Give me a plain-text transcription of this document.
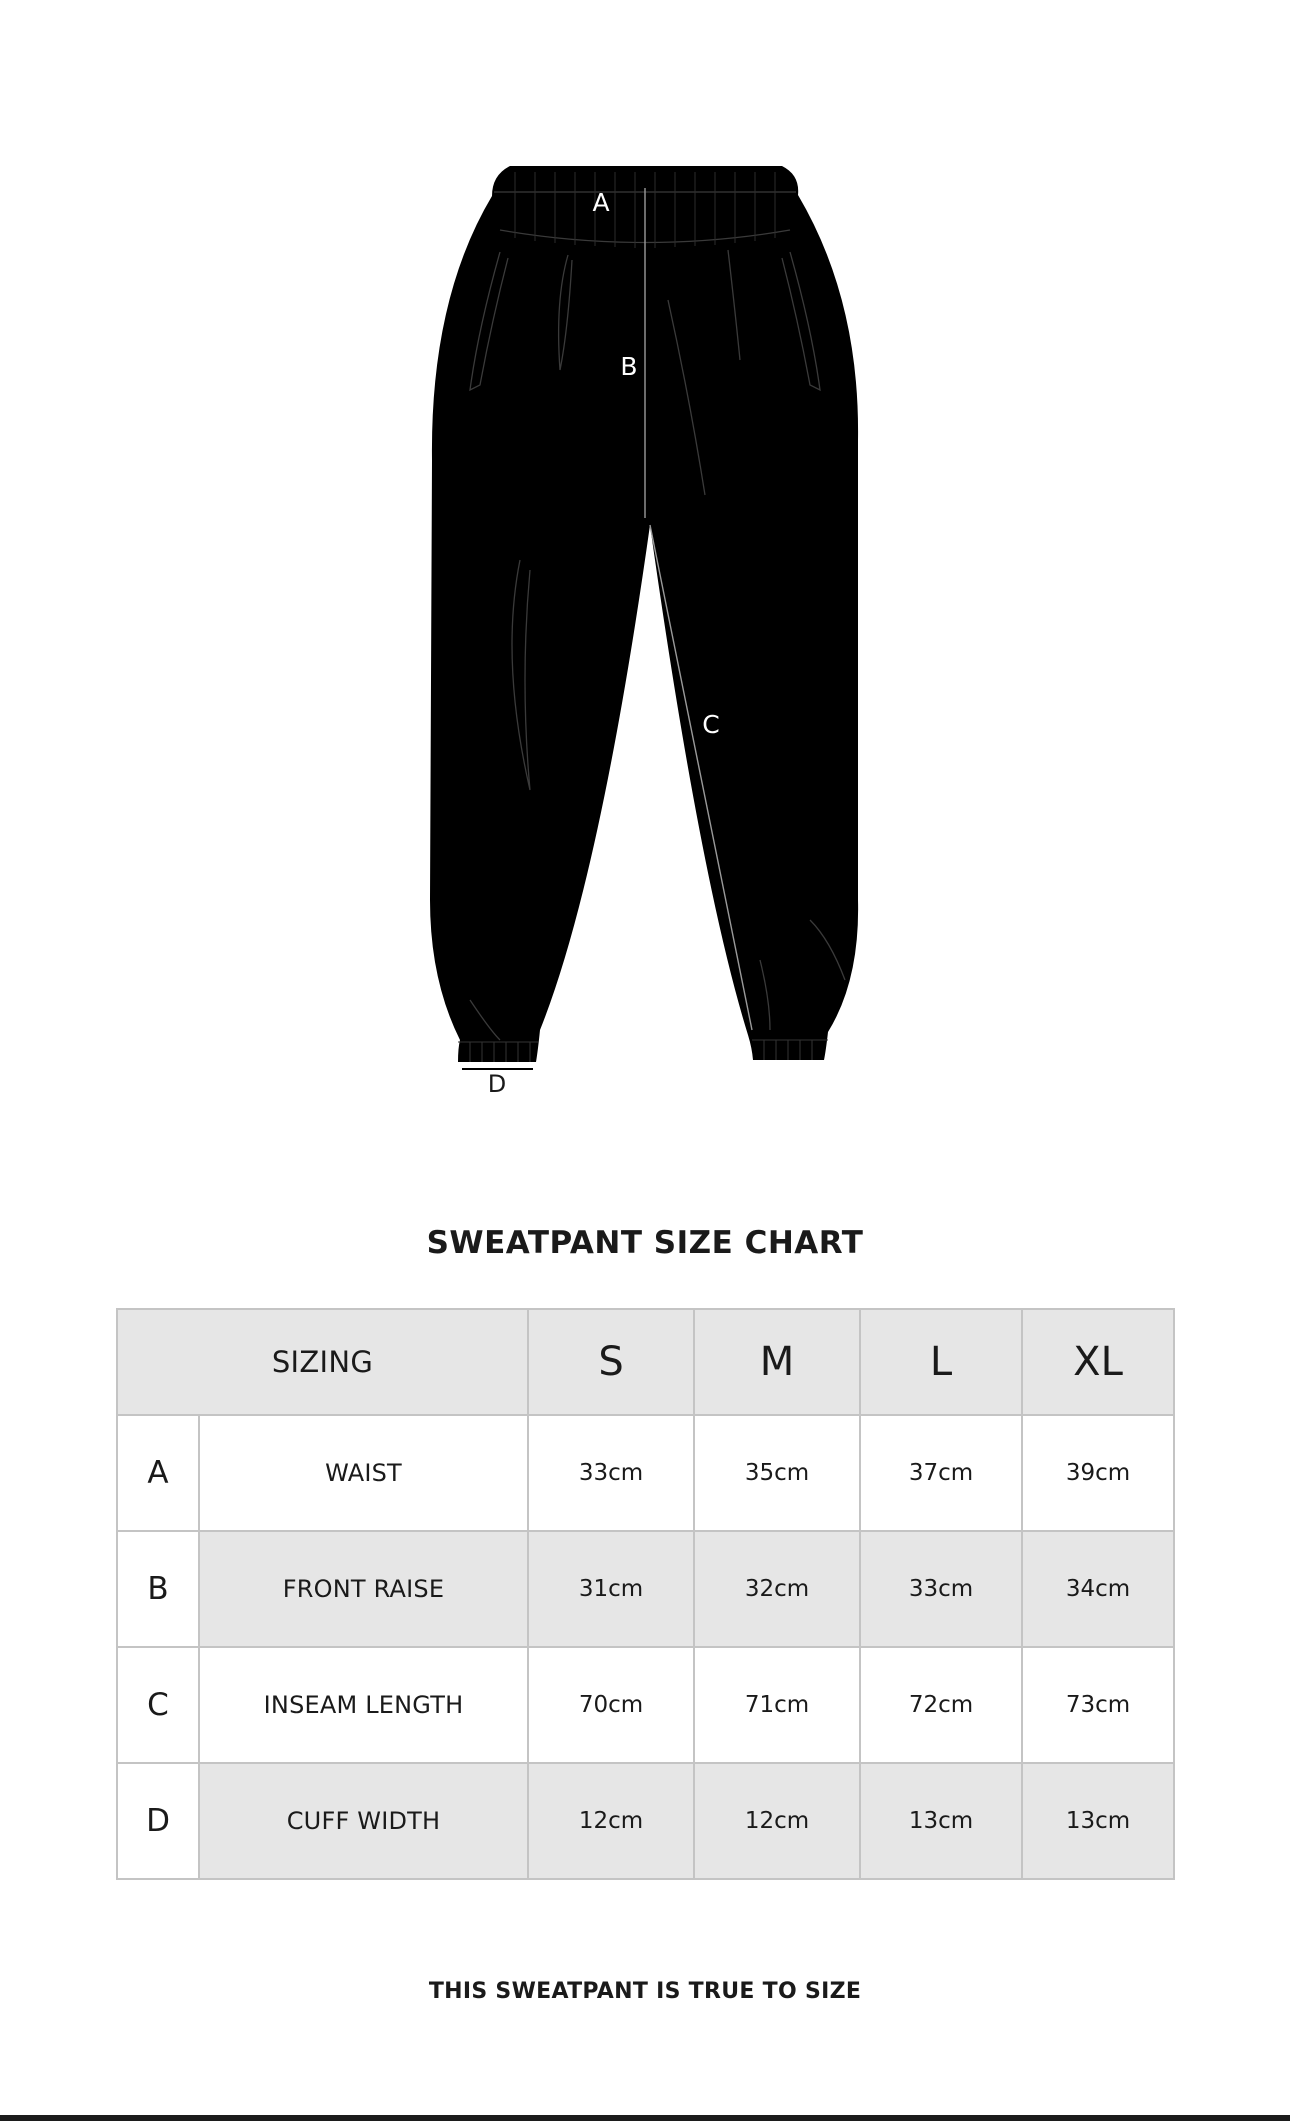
A
B
C
D
SWEATPANT SIZE CHART
SIZING		S	M	L	XL
A	WAIST	33cm	35cm	37cm	39cm
B	FRONT RAISE	31cm	32cm	33cm	34cm
C	INSEAM LENGTH	70cm	71cm	72cm	73cm
D	CUFF WIDTH	12cm	12cm	13cm	13cm
THIS SWEATPANT IS TRUE TO SIZE
